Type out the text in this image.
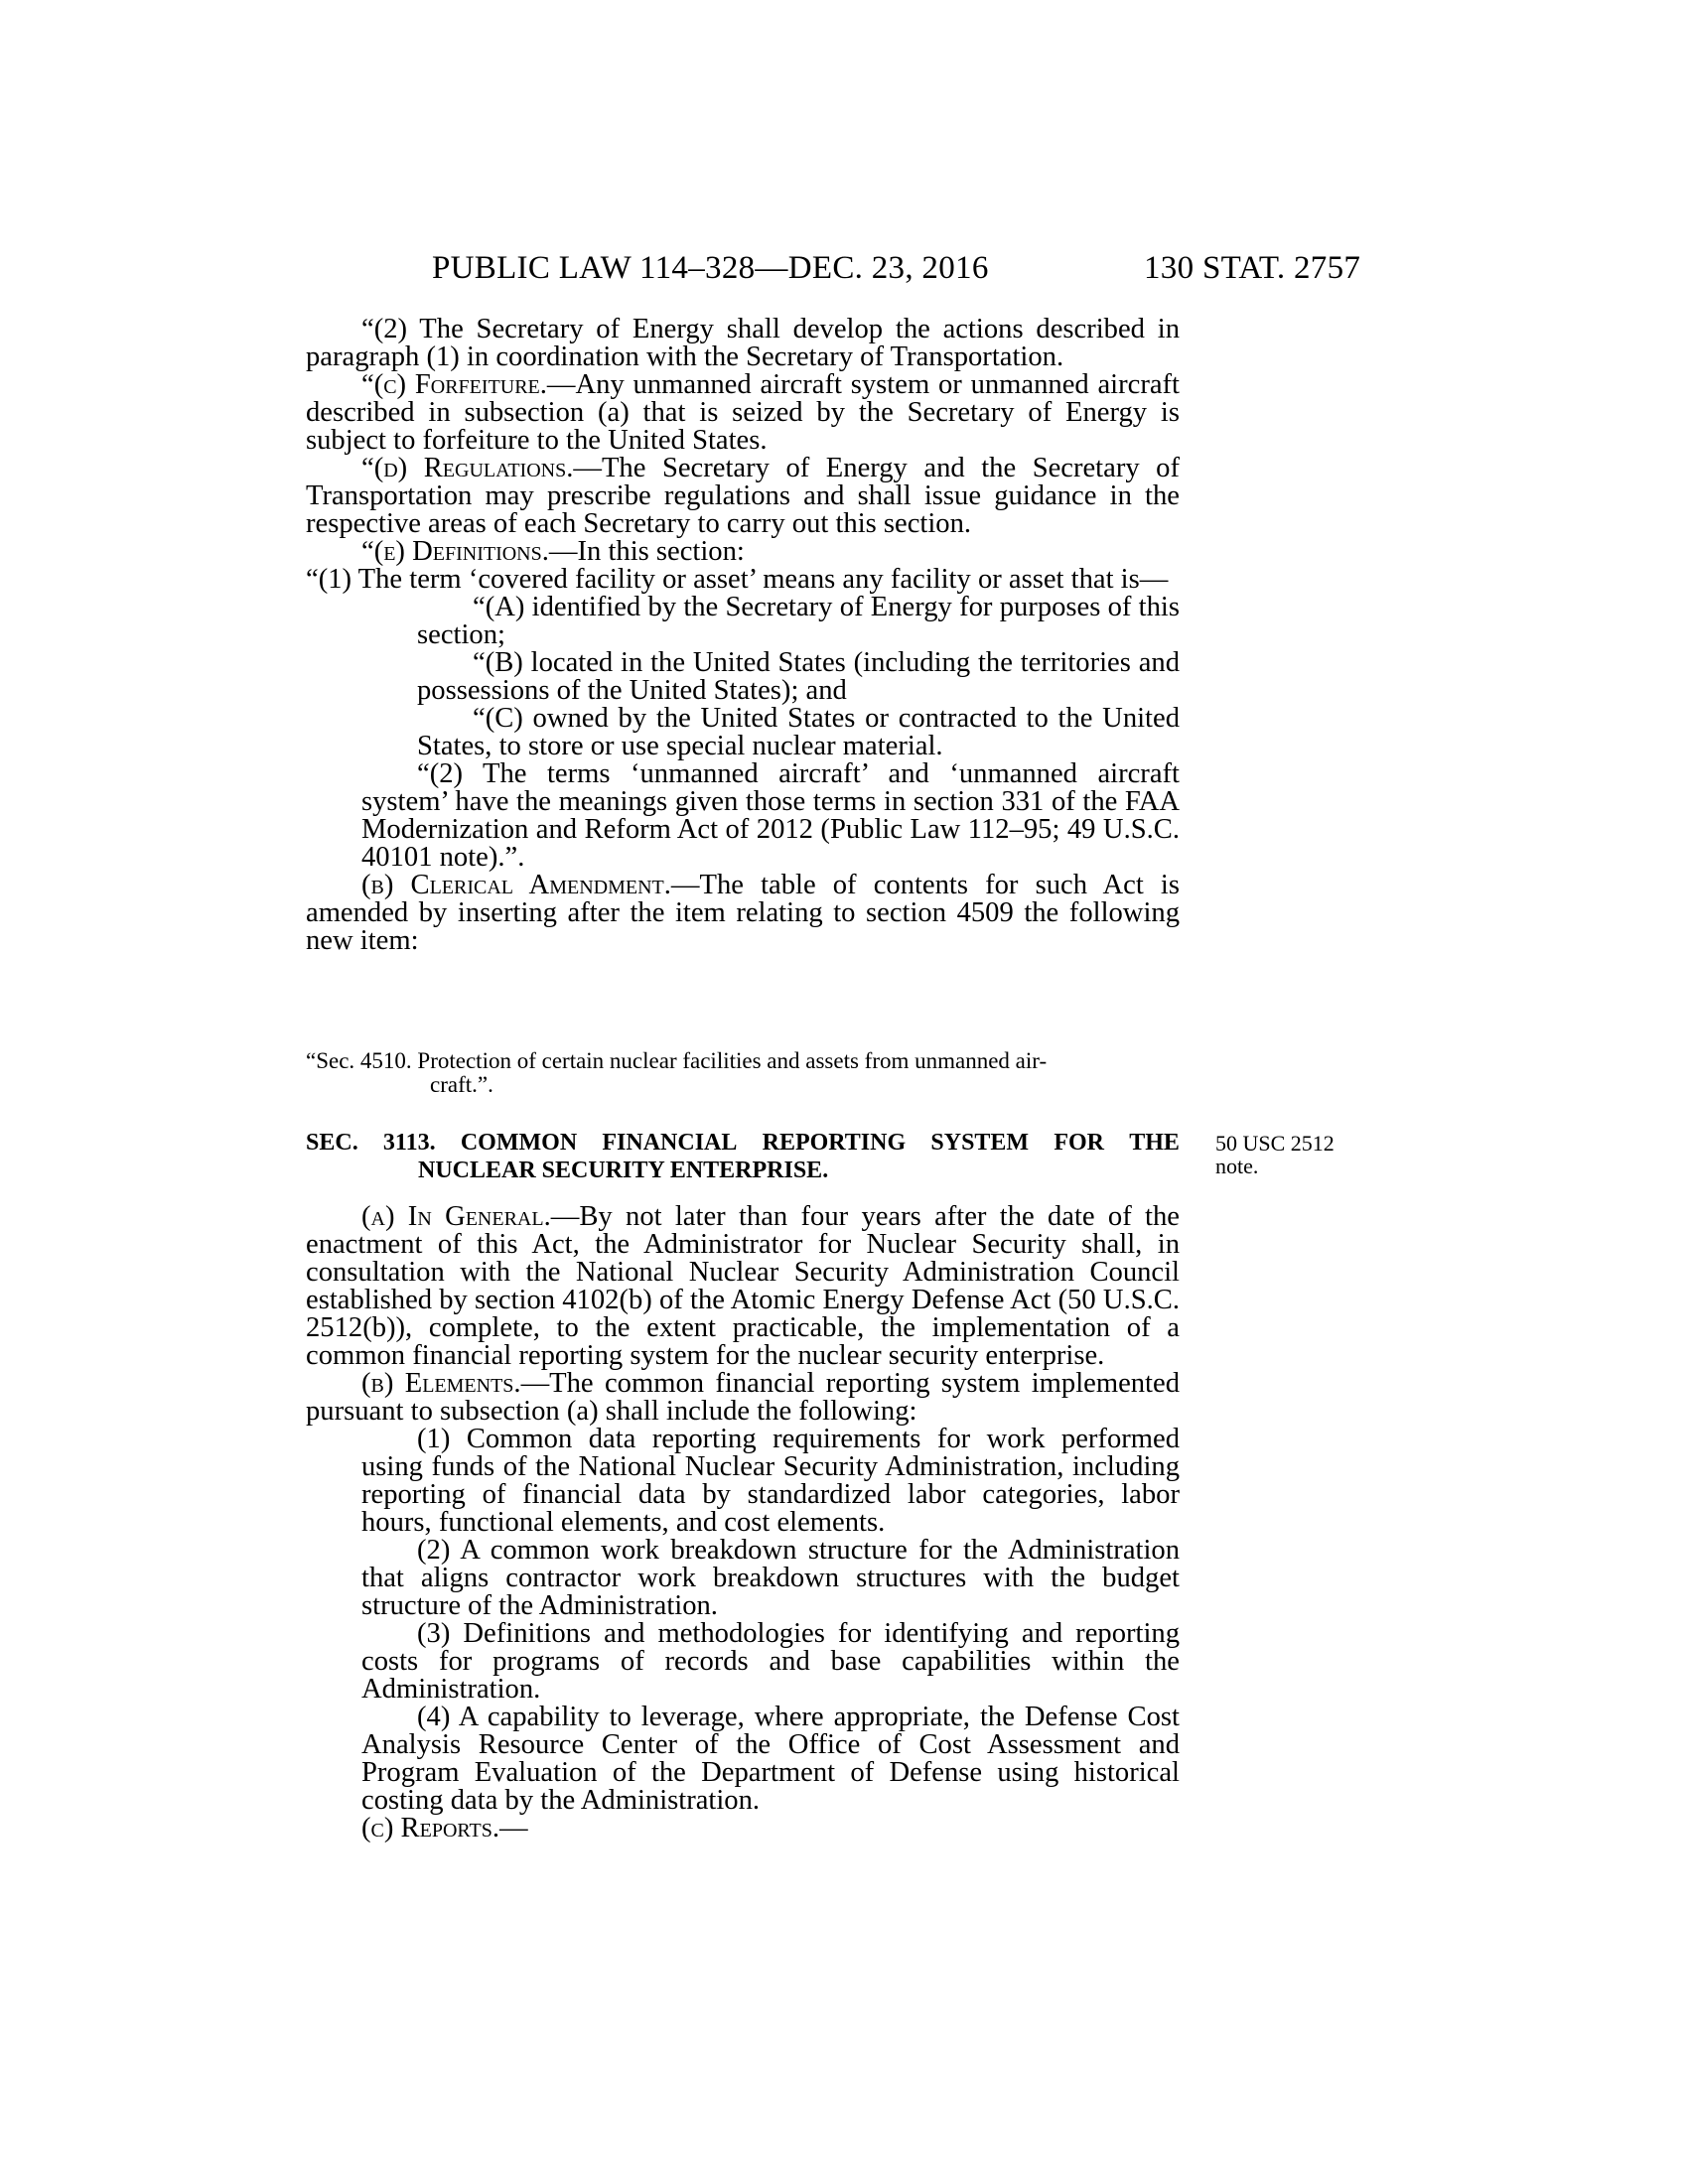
PUBLIC LAW 114–328—DEC. 23, 2016	130 STAT. 2757

“(2) The Secretary of Energy shall develop the actions described in paragraph (1) in coordination with the Secretary of Transportation.

“(c) Forfeiture.—Any unmanned aircraft system or unmanned aircraft described in subsection (a) that is seized by the Secretary of Energy is subject to forfeiture to the United States.

“(d) Regulations.—The Secretary of Energy and the Secretary of Transportation may prescribe regulations and shall issue guidance in the respective areas of each Secretary to carry out this section.

“(e) Definitions.—In this section:

“(1) The term ‘covered facility or asset’ means any facility or asset that is—

“(A) identified by the Secretary of Energy for purposes of this section;

“(B) located in the United States (including the territories and possessions of the United States); and

“(C) owned by the United States or contracted to the United States, to store or use special nuclear material.

“(2) The terms ‘unmanned aircraft’ and ‘unmanned aircraft system’ have the meanings given those terms in section 331 of the FAA Modernization and Reform Act of 2012 (Public Law 112–95; 49 U.S.C. 40101 note).”.

(b) Clerical Amendment.—The table of contents for such Act is amended by inserting after the item relating to section 4509 the following new item:

“Sec. 4510. Protection of certain nuclear facilities and assets from unmanned air-

craft.”.

SEC. 3113. COMMON FINANCIAL REPORTING SYSTEM FOR THE
NUCLEAR SECURITY ENTERPRISE.

50 USC 2512

note.

(a) In General.—By not later than four years after the date of the enactment of this Act, the Administrator for Nuclear Security shall, in consultation with the National Nuclear Security Administration Council established by section 4102(b) of the Atomic Energy Defense Act (50 U.S.C. 2512(b)), complete, to the extent practicable, the implementation of a common financial reporting system for the nuclear security enterprise.

(b) Elements.—The common financial reporting system implemented pursuant to subsection (a) shall include the following:

(1) Common data reporting requirements for work performed using funds of the National Nuclear Security Administration, including reporting of financial data by standardized labor categories, labor hours, functional elements, and cost elements.

(2) A common work breakdown structure for the Administration that aligns contractor work breakdown structures with the budget structure of the Administration.

(3) Definitions and methodologies for identifying and reporting costs for programs of records and base capabilities within the Administration.

(4) A capability to leverage, where appropriate, the Defense Cost Analysis Resource Center of the Office of Cost Assessment and Program Evaluation of the Department of Defense using historical costing data by the Administration.

(c) Reports.—
